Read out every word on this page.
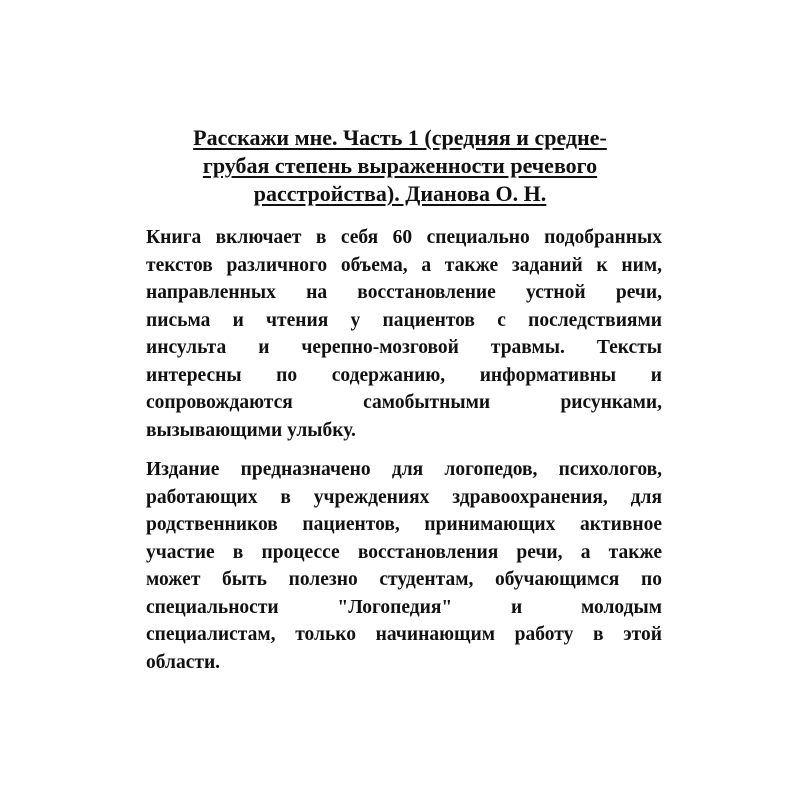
Расскажи мне. Часть 1 (средняя и средне-
грубая степень выраженности речевого
расстройства). Дианова О. Н.

Книга включает в себя 60 специально подобранных
текстов различного объема, а также заданий к ним,
направленных на восстановление устной речи,
письма и чтения у пациентов с последствиями
инсульта и черепно-мозговой травмы. Тексты
интересны по содержанию, информативны и
сопровождаются самобытными рисунками,
вызывающими улыбку.

Издание предназначено для логопедов, психологов,
работающих в учреждениях здравоохранения, для
родственников пациентов, принимающих активное
участие в процессе восстановления речи, а также
может быть полезно студентам, обучающимся по
специальности "Логопедия" и молодым
специалистам, только начинающим работу в этой
области.
